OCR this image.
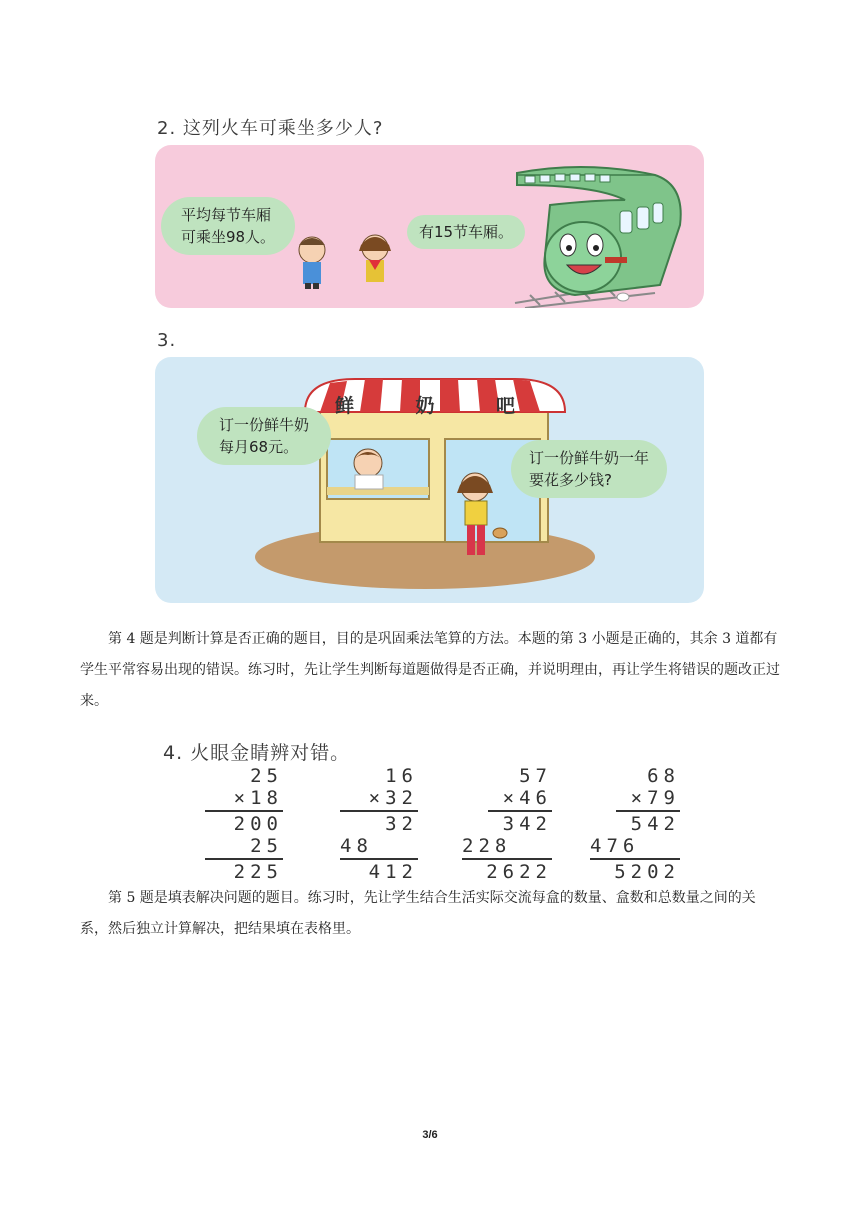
2. 这列火车可乘坐多少人?
平均每节车厢
可乘坐98人。	有15节车厢。
3.
鲜	奶	吧
订一份鲜牛奶
每月68元。
订一份鲜牛奶一年
要花多少钱?
第 4 题是判断计算是否正确的题目，目的是巩固乘法笔算的方法。本题的第 3 小题是正确的，其余 3 道都有学生平常容易出现的错误。练习时，先让学生判断每道题做得是否正确，并说明理由，再让学生将错误的题改正过来。
4. 火眼金睛辨对错。
25
×18
200
25
225
16
×32
32
48
412
57
×46
342
228
2622
68
×79
542
476
5202
第 5 题是填表解决问题的题目。练习时，先让学生结合生活实际交流每盒的数量、盒数和总数量之间的关系，然后独立计算解决，把结果填在表格里。
3/6
